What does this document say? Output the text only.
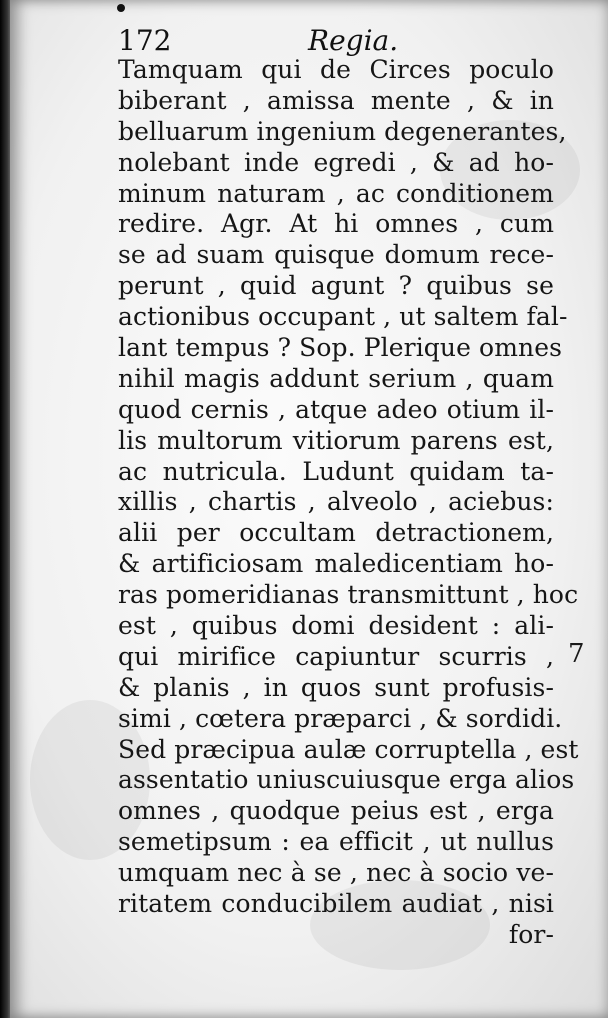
172	Regia.
Tamquam qui de Circes poculo
biberant , amissa mente , & in
belluarum ingenium degenerantes,
nolebant inde egredi , & ad ho-
minum naturam , ac conditionem
redire. Agr. At hi omnes , cum
se ad suam quisque domum rece-
perunt , quid agunt ? quibus se
actionibus occupant , ut saltem fal-
lant tempus ? Sop. Plerique omnes
nihil magis addunt serium , quam
quod cernis , atque adeo otium il-
lis multorum vitiorum parens est,
ac nutricula. Ludunt quidam ta-
xillis , chartis , alveolo , aciebus:
alii per occultam detractionem,
& artificiosam maledicentiam ho-
ras pomeridianas transmittunt , hoc
est , quibus domi desident : ali-
qui mirifice capiuntur scurris ,
& planis , in quos sunt profusis-
simi , cœtera præparci , & sordidi.
Sed præcipua aulæ corruptella , est
assentatio uniuscuiusque erga alios
omnes , quodque peius est , erga
semetipsum : ea efficit , ut nullus
umquam nec à se , nec à socio ve-
ritatem conducibilem audiat , nisi
for-
7
